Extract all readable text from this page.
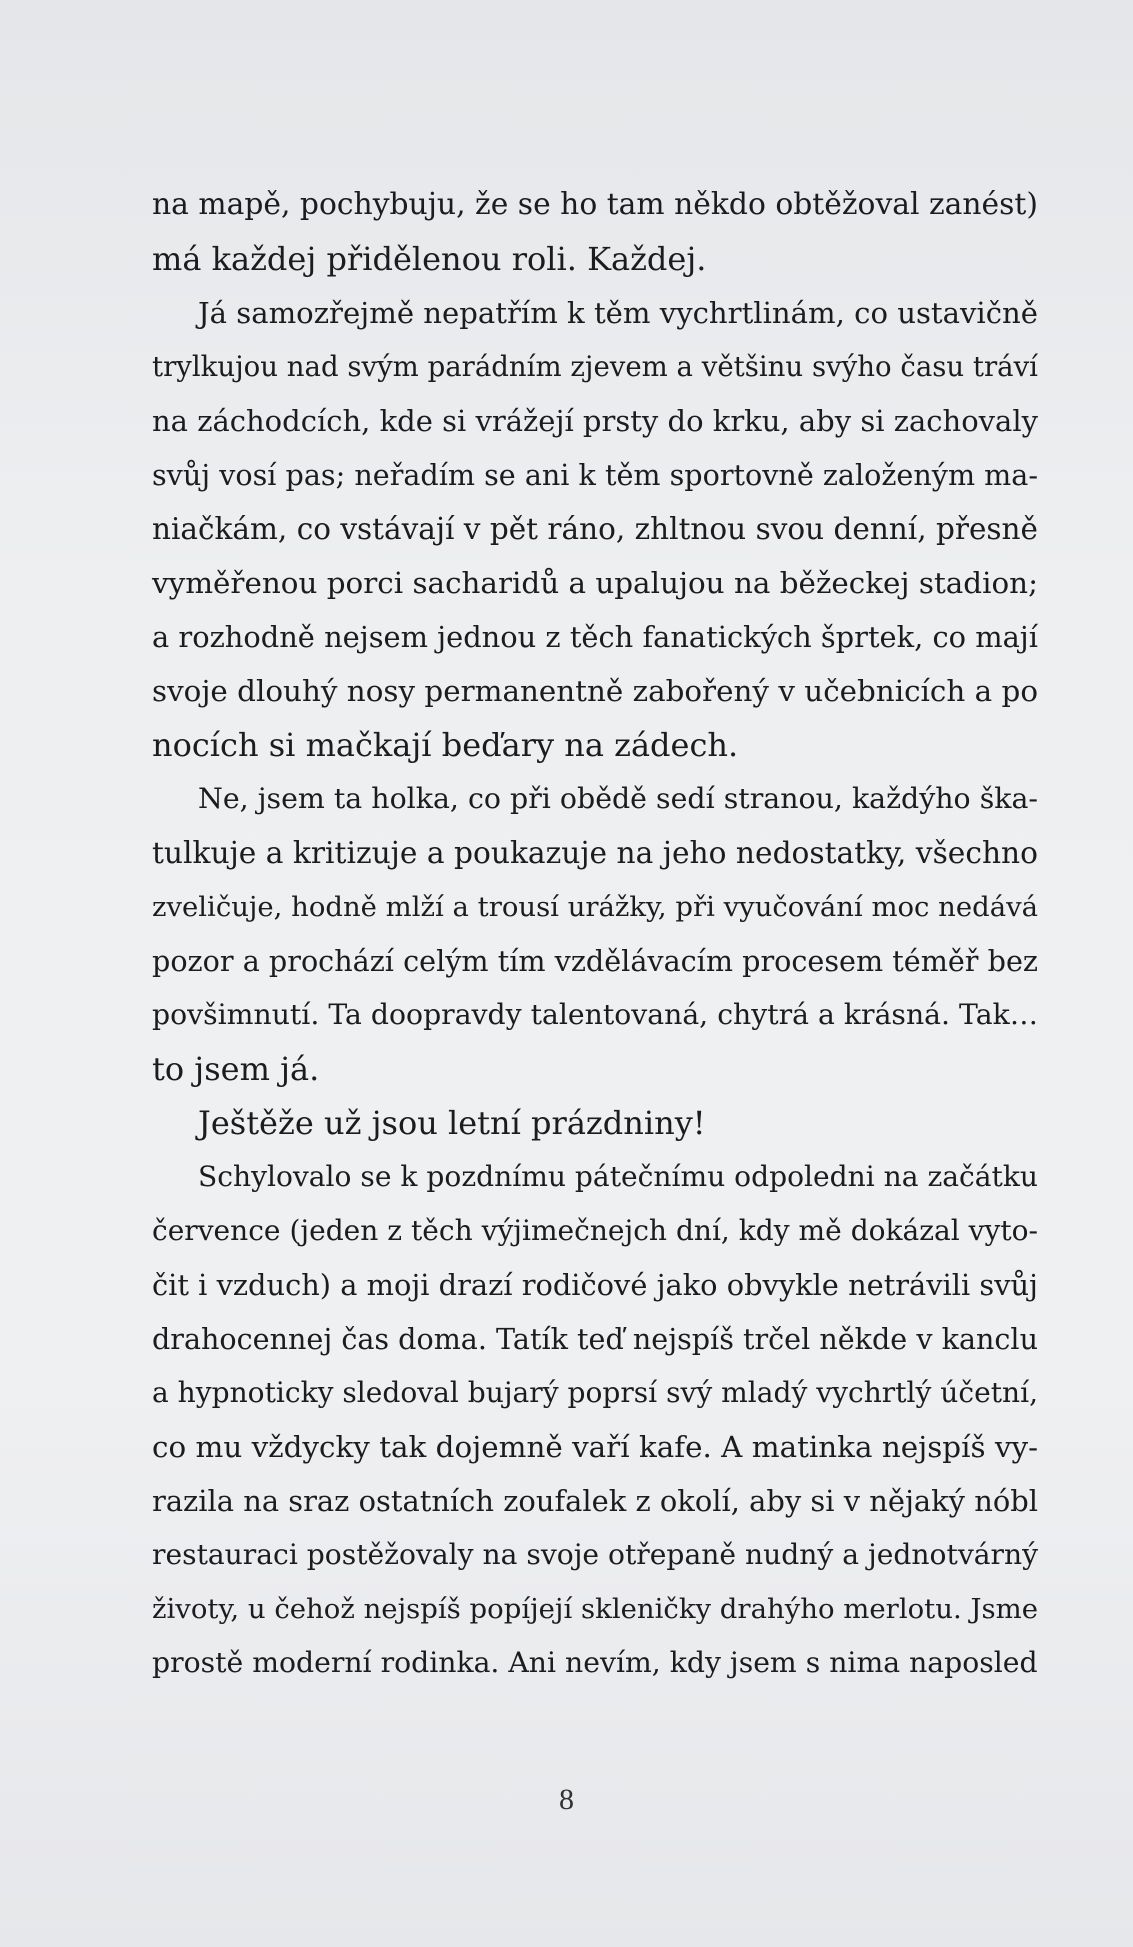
na mapě, pochybuju, že se ho tam někdo obtěžoval zanést)
má každej přidělenou roli. Každej.
Já samozřejmě nepatřím k těm vychrtlinám, co ustavičně
trylkujou nad svým parádním zjevem a většinu svýho času tráví
na záchodcích, kde si vrážejí prsty do krku, aby si zachovaly
svůj vosí pas; neřadím se ani k těm sportovně založeným ma-
niačkám, co vstávají v pět ráno, zhltnou svou denní, přesně
vyměřenou porci sacharidů a upalujou na běžeckej stadion;
a rozhodně nejsem jednou z těch fanatických šprtek, co mají
svoje dlouhý nosy permanentně zabořený v učebnicích a po
nocích si mačkají beďary na zádech.
Ne, jsem ta holka, co při obědě sedí stranou, každýho ška-
tulkuje a kritizuje a poukazuje na jeho nedostatky, všechno
zveličuje, hodně mlží a trousí urážky, při vyučování moc nedává
pozor a prochází celým tím vzdělávacím procesem téměř bez
povšimnutí. Ta doopravdy talentovaná, chytrá a krásná. Tak…
to jsem já.
Ještěže už jsou letní prázdniny!
Schylovalo se k pozdnímu pátečnímu odpoledni na začátku
července (jeden z těch výjimečnejch dní, kdy mě dokázal vyto-
čit i vzduch) a moji drazí rodičové jako obvykle netrávili svůj
drahocennej čas doma. Tatík teď nejspíš trčel někde v kanclu
a hypnoticky sledoval bujarý poprsí svý mladý vychrtlý účetní,
co mu vždycky tak dojemně vaří kafe. A matinka nejspíš vy-
razila na sraz ostatních zoufalek z okolí, aby si v nějaký nóbl
restauraci postěžovaly na svoje otřepaně nudný a jednotvárný
životy, u čehož nejspíš popíjejí skleničky drahýho merlotu. Jsme
prostě moderní rodinka. Ani nevím, kdy jsem s nima naposled
8
